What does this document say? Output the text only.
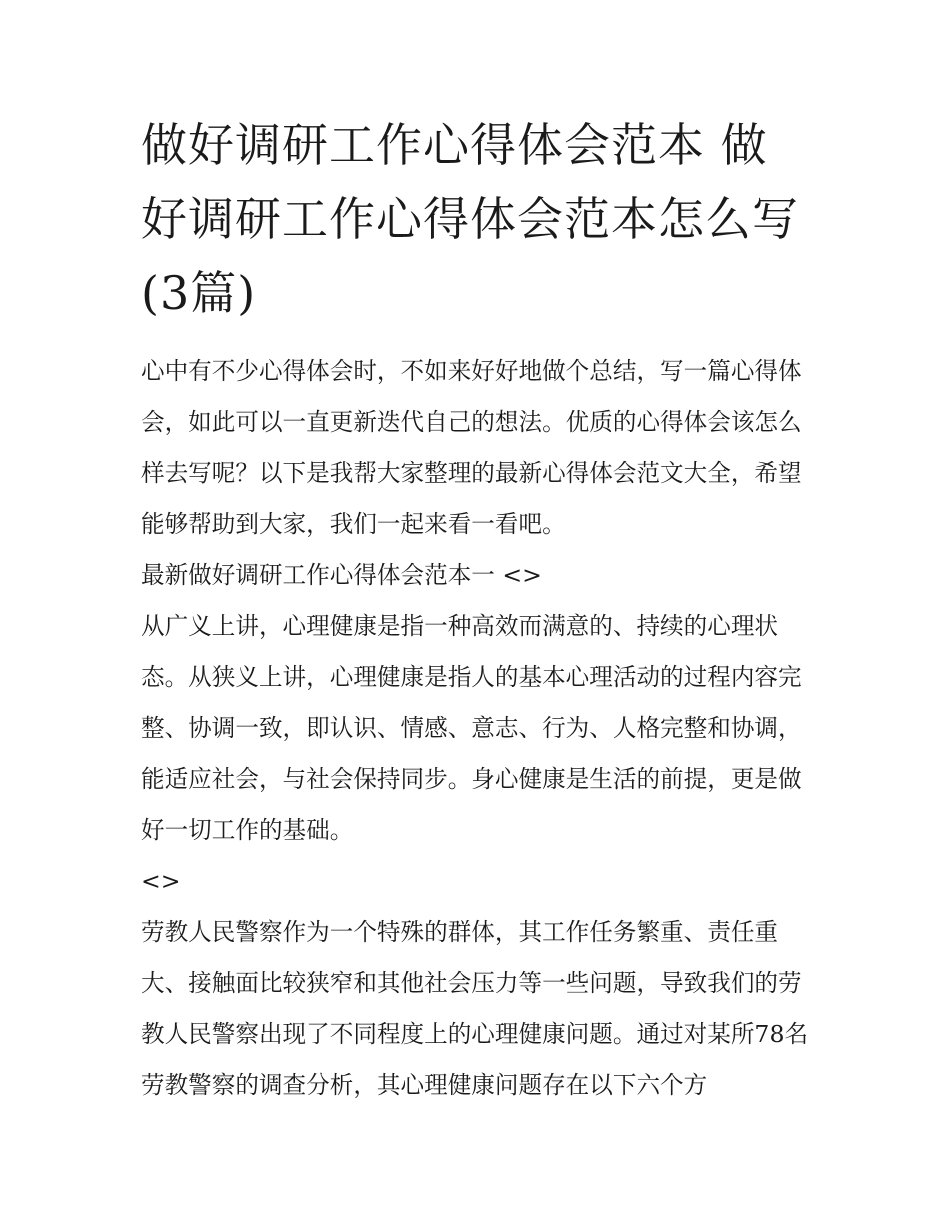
做好调研工作心得体会范本 做好调研工作心得体会范本怎么写(3篇)

心中有不少心得体会时，不如来好好地做个总结，写一篇心得体会，如此可以一直更新迭代自己的想法。优质的心得体会该怎么样去写呢？以下是我帮大家整理的最新心得体会范文大全，希望能够帮助到大家，我们一起来看一看吧。

最新做好调研工作心得体会范本一 <>

从广义上讲，心理健康是指一种高效而满意的、持续的心理状态。从狭义上讲，心理健康是指人的基本心理活动的过程内容完整、协调一致，即认识、情感、意志、行为、人格完整和协调，能适应社会，与社会保持同步。身心健康是生活的前提，更是做好一切工作的基础。

<>

劳教人民警察作为一个特殊的群体，其工作任务繁重、责任重大、接触面比较狭窄和其他社会压力等一些问题，导致我们的劳教人民警察出现了不同程度上的心理健康问题。通过对某所78名劳教警察的调查分析，其心理健康问题存在以下六个方
